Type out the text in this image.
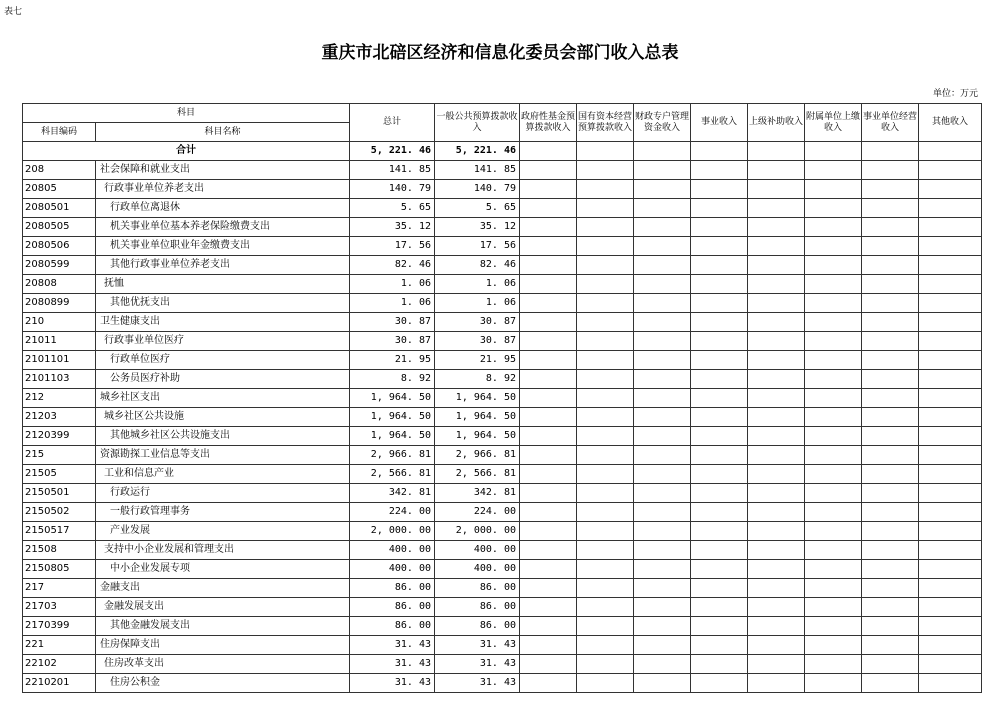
表七
重庆市北碚区经济和信息化委员会部门收入总表
单位：万元
科目		总计	一般公共预算拨款收入	政府性基金预算拨款收入	国有资本经营预算拨款收入	财政专户管理资金收入	事业收入	上级补助收入	附属单位上缴收入	事业单位经营收入	其他收入
科目编码	科目名称										
合计		5, 221. 46	5, 221. 46								
208	社会保障和就业支出	141. 85	141. 85								
20805	行政事业单位养老支出	140. 79	140. 79								
2080501	行政单位离退休	5. 65	5. 65								
2080505	机关事业单位基本养老保险缴费支出	35. 12	35. 12								
2080506	机关事业单位职业年金缴费支出	17. 56	17. 56								
2080599	其他行政事业单位养老支出	82. 46	82. 46								
20808	抚恤	1. 06	1. 06								
2080899	其他优抚支出	1. 06	1. 06								
210	卫生健康支出	30. 87	30. 87								
21011	行政事业单位医疗	30. 87	30. 87								
2101101	行政单位医疗	21. 95	21. 95								
2101103	公务员医疗补助	8. 92	8. 92								
212	城乡社区支出	1, 964. 50	1, 964. 50								
21203	城乡社区公共设施	1, 964. 50	1, 964. 50								
2120399	其他城乡社区公共设施支出	1, 964. 50	1, 964. 50								
215	资源勘探工业信息等支出	2, 966. 81	2, 966. 81								
21505	工业和信息产业	2, 566. 81	2, 566. 81								
2150501	行政运行	342. 81	342. 81								
2150502	一般行政管理事务	224. 00	224. 00								
2150517	产业发展	2, 000. 00	2, 000. 00								
21508	支持中小企业发展和管理支出	400. 00	400. 00								
2150805	中小企业发展专项	400. 00	400. 00								
217	金融支出	86. 00	86. 00								
21703	金融发展支出	86. 00	86. 00								
2170399	其他金融发展支出	86. 00	86. 00								
221	住房保障支出	31. 43	31. 43								
22102	住房改革支出	31. 43	31. 43								
2210201	住房公积金	31. 43	31. 43								
